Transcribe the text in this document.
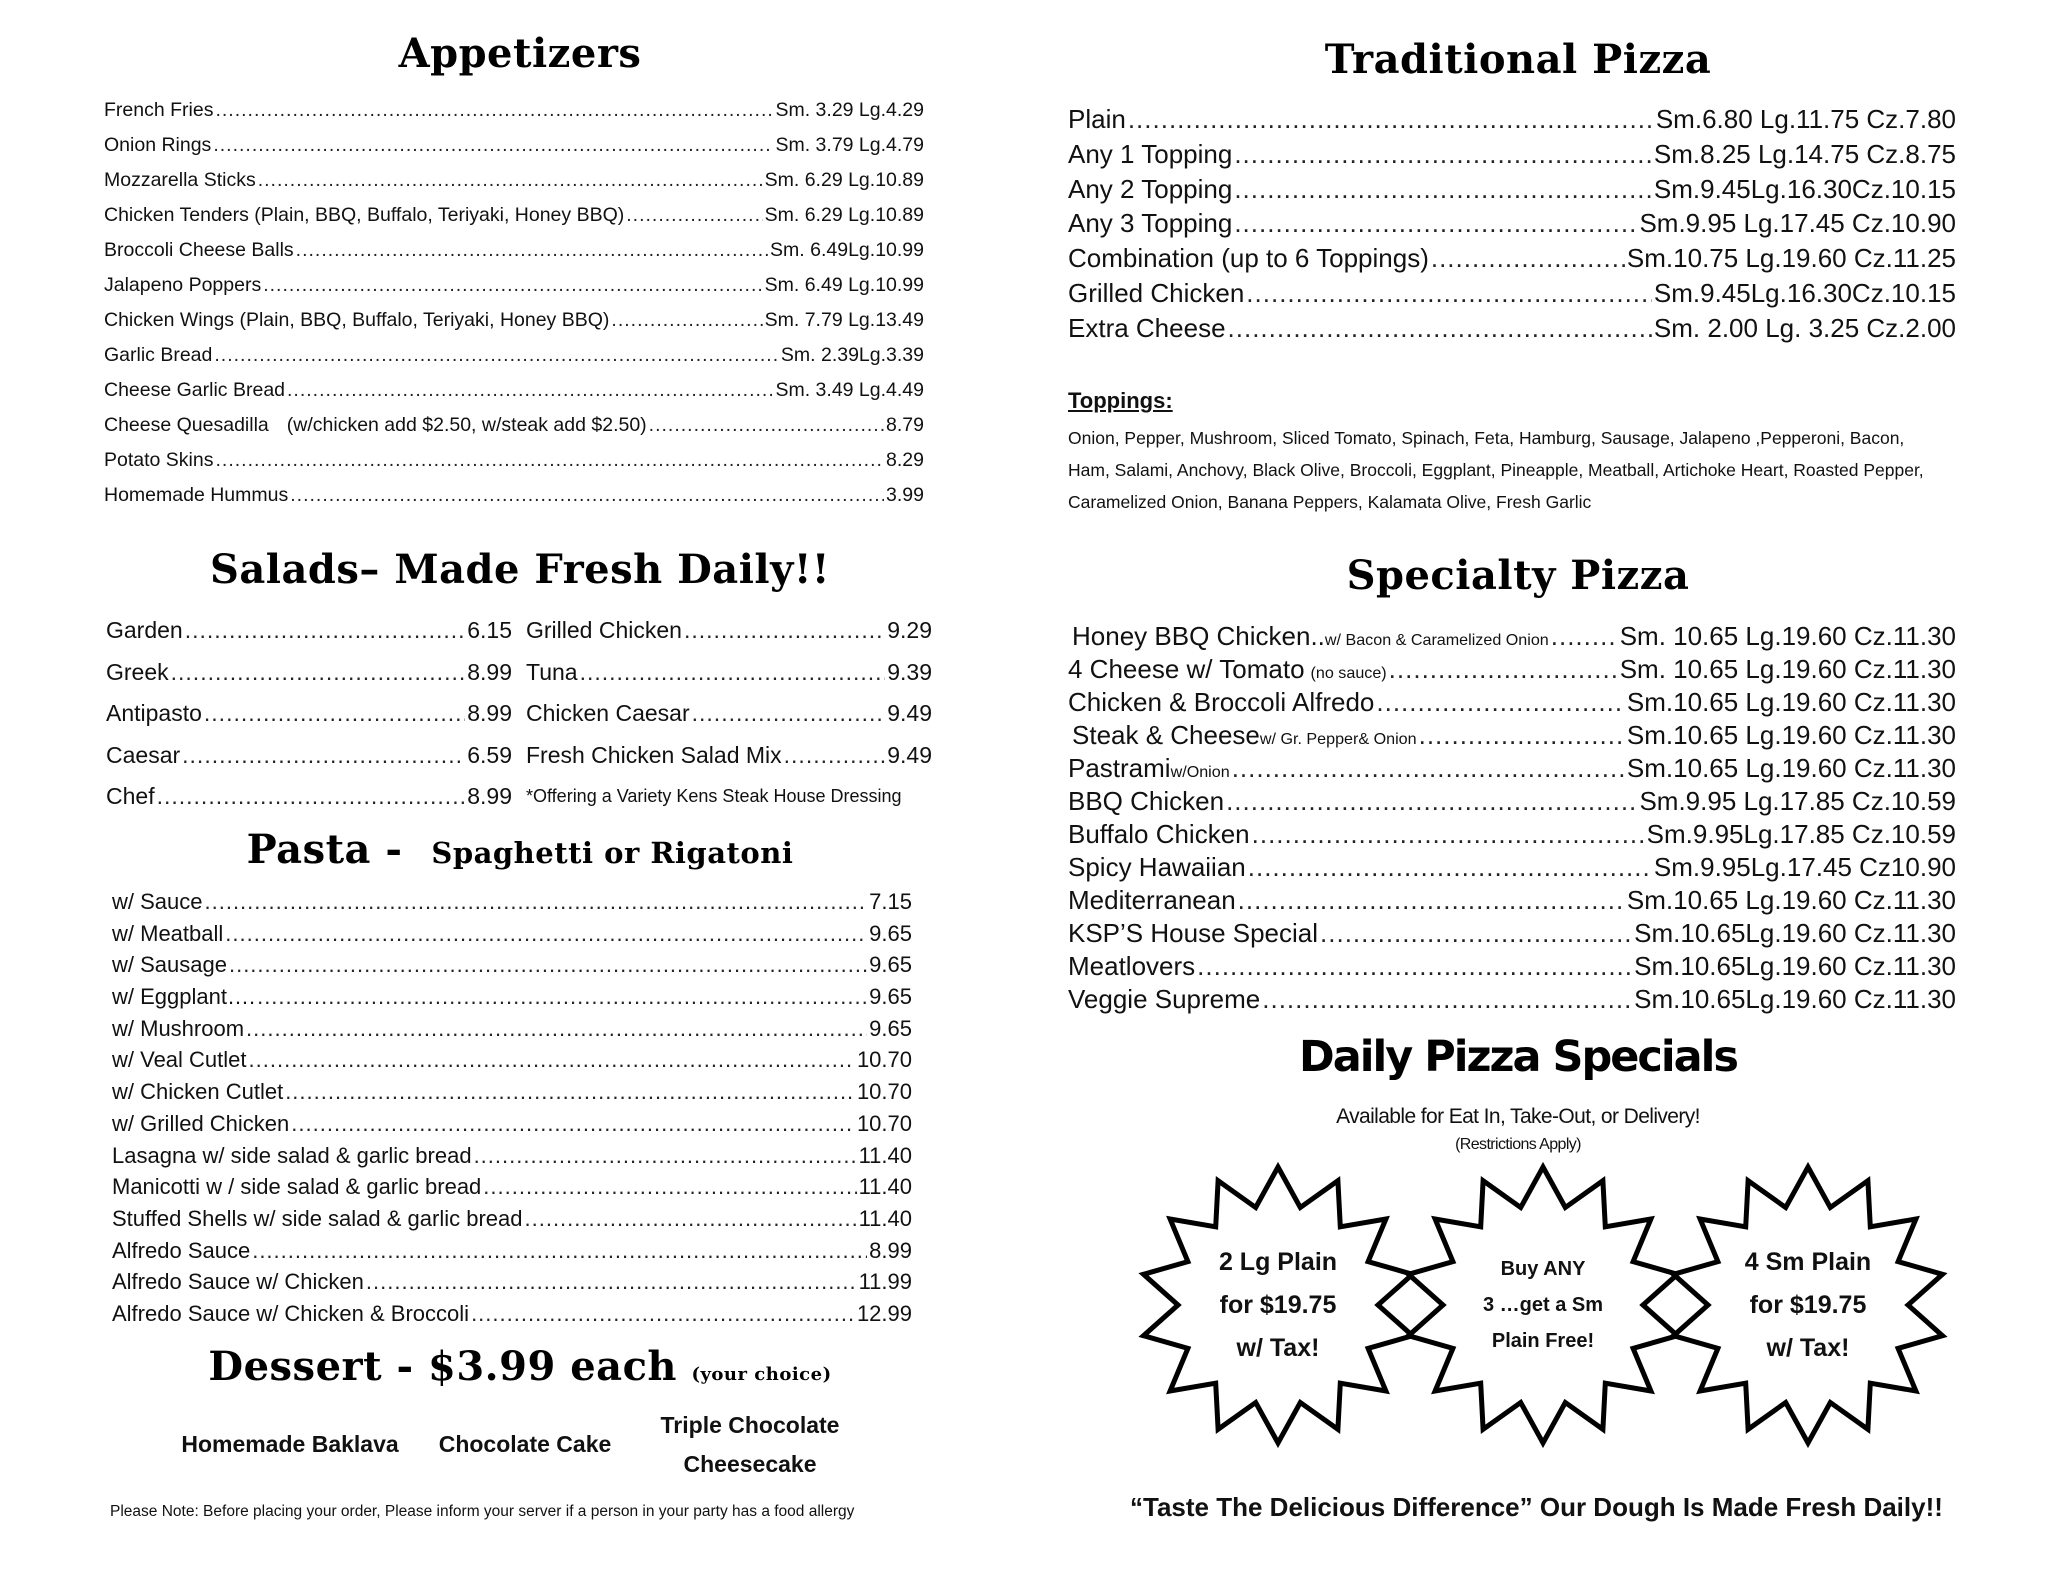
Appetizers
French Fries .....	Sm. 3.29 Lg.4.29
Onion Rings .....	Sm. 3.79 Lg.4.79
Mozzarella Sticks .....	Sm. 6.29 Lg.10.89
Chicken Tenders (Plain, BBQ, Buffalo, Teriyaki, Honey BBQ) .....	Sm. 6.29 Lg.10.89
Broccoli Cheese Balls .....	Sm. 6.49Lg.10.99
Jalapeno Poppers .....	Sm. 6.49 Lg.10.99
Chicken Wings (Plain, BBQ, Buffalo, Teriyaki, Honey BBQ) .....	Sm. 7.79 Lg.13.49
Garlic Bread .....	Sm. 2.39Lg.3.39
Cheese Garlic Bread .....	Sm. 3.49 Lg.4.49
Cheese Quesadilla (w/chicken add $2.50, w/steak add $2.50) .....	8.79
Potato Skins .....	8.29
Homemade Hummus .....	3.99
Salads– Made Fresh Daily!!
Garden .....	6.15
Greek .....	8.99
Antipasto .....	8.99
Caesar .....	6.59
Chef .....	8.99
Grilled Chicken .....	9.29
Tuna .....	9.39
Chicken Caesar .....	9.49
Fresh Chicken Salad Mix .....	9.49
*Offering a Variety Kens Steak House Dressing
Pasta - Spaghetti or Rigatoni
w/ Sauce .....	7.15
w/ Meatball .....	9.65
w/ Sausage .....	9.65
w/ Eggplant…. .....	9.65
w/ Mushroom .....	9.65
w/ Veal Cutlet .....	10.70
w/ Chicken Cutlet .....	10.70
w/ Grilled Chicken .....	10.70
Lasagna w/ side salad & garlic bread .....	11.40
Manicotti w / side salad & garlic bread .....	11.40
Stuffed Shells w/ side salad & garlic bread .....	11.40
Alfredo Sauce .....	8.99
Alfredo Sauce w/ Chicken .....	11.99
Alfredo Sauce w/ Chicken & Broccoli .....	12.99
Dessert - $3.99 each (your choice)
Homemade Baklava	Chocolate Cake
Triple Chocolate Cheesecake
Please Note: Before placing your order, Please inform your server if a person in your party has a food allergy
Traditional Pizza
Plain .....	Sm.6.80 Lg.11.75 Cz.7.80
Any 1 Topping .....	Sm.8.25 Lg.14.75 Cz.8.75
Any 2 Topping .....	Sm.9.45Lg.16.30Cz.10.15
Any 3 Topping .....	Sm.9.95 Lg.17.45 Cz.10.90
Combination (up to 6 Toppings) .....	Sm.10.75 Lg.19.60 Cz.11.25
Grilled Chicken .....	Sm.9.45Lg.16.30Cz.10.15
Extra Cheese .....	Sm. 2.00 Lg. 3.25 Cz.2.00
Toppings:
Onion, Pepper, Mushroom, Sliced Tomato, Spinach, Feta, Hamburg, Sausage, Jalapeno ,Pepperoni, Bacon, Ham, Salami, Anchovy, Black Olive, Broccoli, Eggplant, Pineapple, Meatball, Artichoke Heart, Roasted Pepper, Caramelized Onion, Banana Peppers, Kalamata Olive, Fresh Garlic
Specialty Pizza
Honey BBQ Chicken.. w/ Bacon & Caramelized Onion .....	Sm. 10.65 Lg.19.60 Cz.11.30
4 Cheese w/ Tomato (no sauce) .....	Sm. 10.65 Lg.19.60 Cz.11.30
Chicken & Broccoli Alfredo .....	Sm.10.65 Lg.19.60 Cz.11.30
Steak & Cheese w/ Gr. Pepper& Onion .....	Sm.10.65 Lg.19.60 Cz.11.30
Pastrami w/Onion .....	Sm.10.65 Lg.19.60 Cz.11.30
BBQ Chicken .....	Sm.9.95 Lg.17.85 Cz.10.59
Buffalo Chicken .....	Sm.9.95Lg.17.85 Cz.10.59
Spicy Hawaiian .....	Sm.9.95Lg.17.45 Cz10.90
Mediterranean .....	Sm.10.65 Lg.19.60 Cz.11.30
KSP’S House Special .....	Sm.10.65Lg.19.60 Cz.11.30
Meatlovers .....	Sm.10.65Lg.19.60 Cz.11.30
Veggie Supreme .....	Sm.10.65Lg.19.60 Cz.11.30
Daily Pizza Specials
Available for Eat In, Take-Out, or Delivery!
(Restrictions Apply)
2 Lg Plain
for $19.75
w/ Tax!
Buy ANY
3 …get a Sm
Plain Free!
4 Sm Plain
for $19.75
w/ Tax!
“Taste The Delicious Difference” Our Dough Is Made Fresh Daily!!
